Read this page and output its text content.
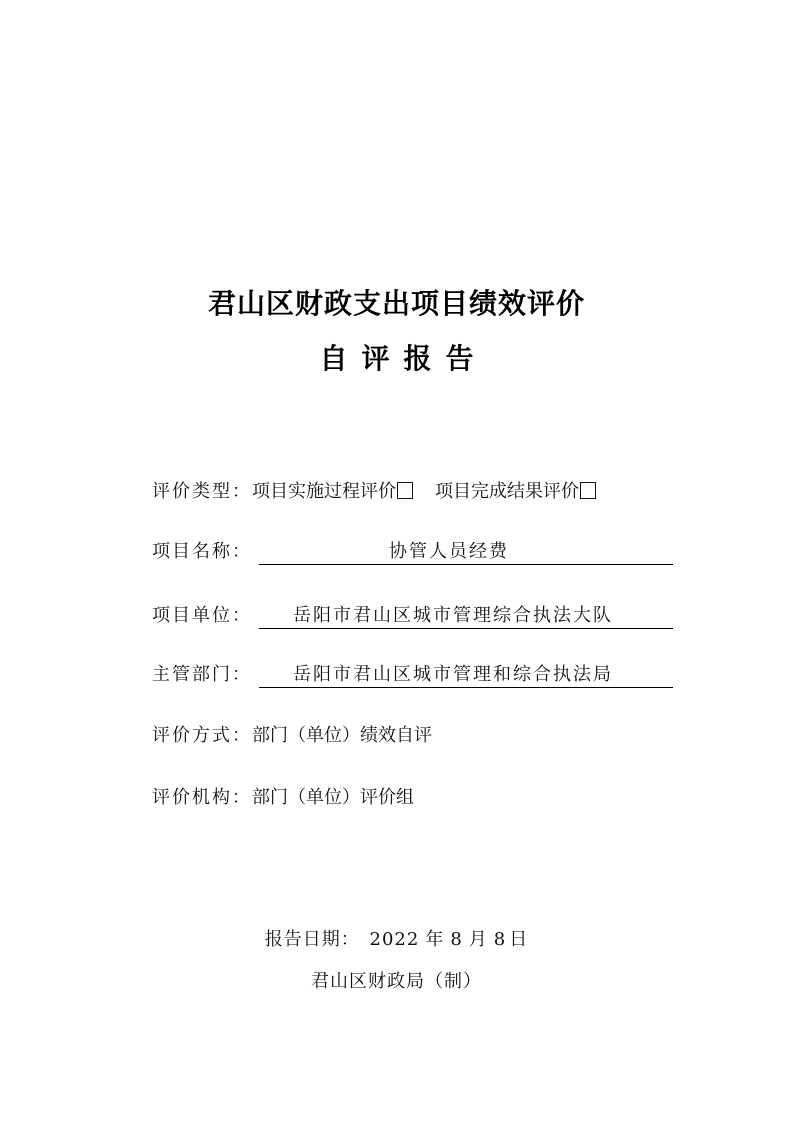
君山区财政支出项目绩效评价
自评报告
评价类型：项目实施过程评价 项目完成结果评价
项目名称：	协管人员经费
项目单位： 岳阳市君山区城市管理综合执法大队
主管部门： 岳阳市君山区城市管理和综合执法局
评价方式：部门（单位）绩效自评
评价机构：部门（单位）评价组
报告日期： 2022 年 8 月 8 日
君山区财政局（制）
